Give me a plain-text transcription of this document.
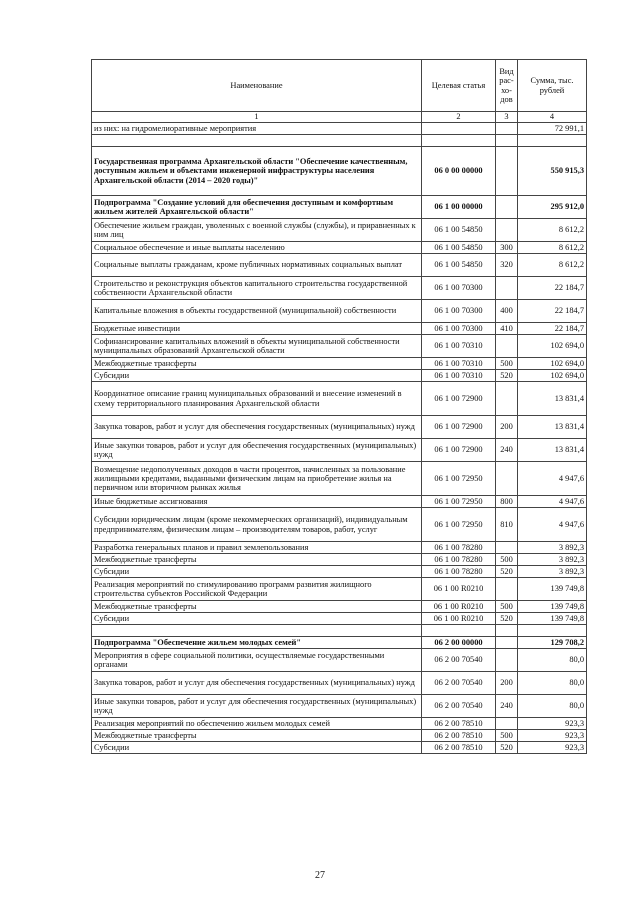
Наименование	Целевая статья	Вид рас- хо- дов	Сумма, тыс. рублей
1	2	3	4
из них: на гидромелиоративные мероприятия			72 991,1

Государственная программа Архангельской области "Обеспечение качественным, доступным жильем и объектами инженерной инфраструктуры населения Архангельской области (2014 – 2020 годы)"	06 0 00 00000		550 915,3
Подпрограмма "Создание условий для обеспечения доступным и комфортным жильем жителей Архангельской области"	06 1 00 00000		295 912,0
Обеспечение жильем граждан, уволенных с военной службы (службы), и приравненных к ним лиц	06 1 00 54850		8 612,2
Социальное обеспечение и иные выплаты населению	06 1 00 54850	300	8 612,2
Социальные выплаты гражданам, кроме публичных нормативных социальных выплат	06 1 00 54850	320	8 612,2
Строительство и реконструкция объектов капитального строительства государственной собственности Архангельской области	06 1 00 70300		22 184,7
Капитальные вложения в объекты государственной (муниципальной) собственности	06 1 00 70300	400	22 184,7
Бюджетные инвестиции	06 1 00 70300	410	22 184,7
Софинансирование капитальных вложений в объекты муниципальной собственности муниципальных образований Архангельской области	06 1 00 70310		102 694,0
Межбюджетные трансферты	06 1 00 70310	500	102 694,0
Субсидии	06 1 00 70310	520	102 694,0
Координатное описание границ муниципальных образований и внесение изменений в схему территориального планирования Архангельской области	06 1 00 72900		13 831,4
Закупка товаров, работ и услуг для обеспечения государственных (муниципальных) нужд	06 1 00 72900	200	13 831,4
Иные закупки товаров, работ и услуг для обеспечения государственных (муниципальных) нужд	06 1 00 72900	240	13 831,4
Возмещение недополученных доходов в части процентов, начисленных за пользование жилищными кредитами, выданными физическим лицам на приобретение жилья на первичном или вторичном рынках жилья	06 1 00 72950		4 947,6
Иные бюджетные ассигнования	06 1 00 72950	800	4 947,6
Субсидии юридическим лицам (кроме некоммерческих организаций), индивидуальным предпринимателям, физическим лицам – производителям товаров, работ, услуг	06 1 00 72950	810	4 947,6
Разработка генеральных планов и правил землепользования	06 1 00 78280		3 892,3
Межбюджетные трансферты	06 1 00 78280	500	3 892,3
Субсидии	06 1 00 78280	520	3 892,3
Реализация мероприятий по стимулированию программ развития жилищного строительства субъектов Российской Федерации	06 1 00 R0210		139 749,8
Межбюджетные трансферты	06 1 00 R0210	500	139 749,8
Субсидии	06 1 00 R0210	520	139 749,8

Подпрограмма "Обеспечение жильем молодых семей"	06 2 00 00000		129 708,2
Мероприятия в сфере социальной политики, осуществляемые государственными органами	06 2 00 70540		80,0
Закупка товаров, работ и услуг для обеспечения государственных (муниципальных) нужд	06 2 00 70540	200	80,0
Иные закупки товаров, работ и услуг для обеспечения государственных (муниципальных) нужд	06 2 00 70540	240	80,0
Реализация мероприятий по обеспечению жильем молодых семей	06 2 00 78510		923,3
Межбюджетные трансферты	06 2 00 78510	500	923,3
Субсидии	06 2 00 78510	520	923,3
27
